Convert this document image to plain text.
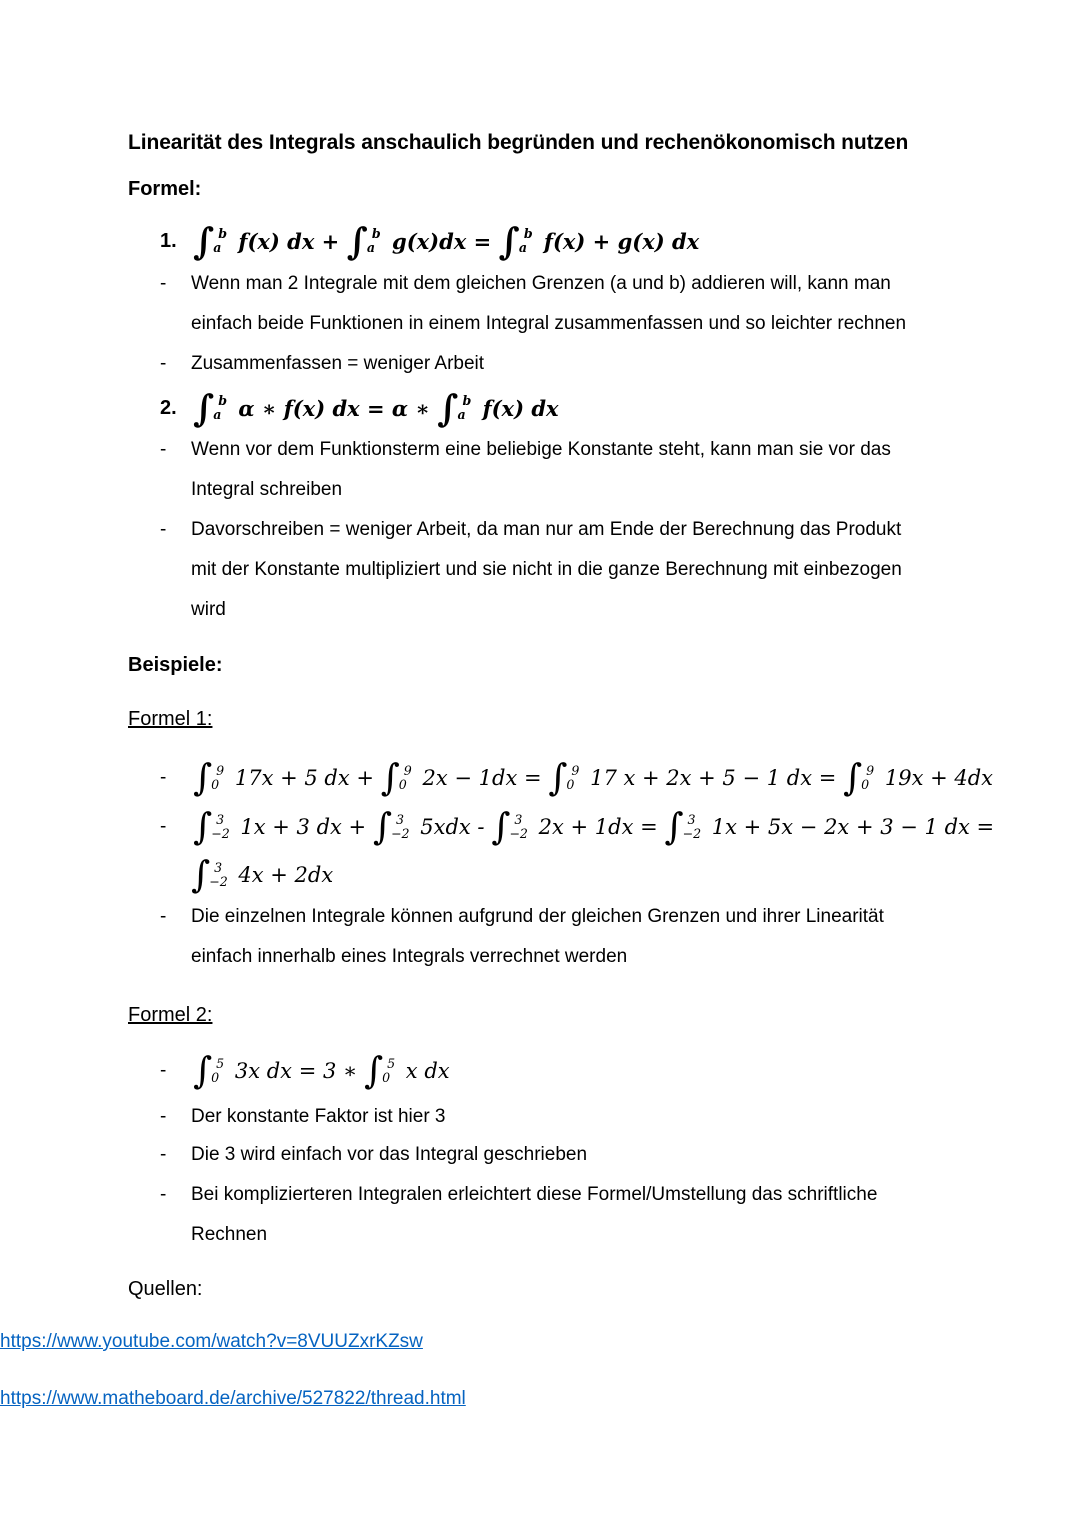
Linearität des Integrals anschaulich begründen und rechenökonomisch nutzen
Formel:
1. ∫ b
a f(x) dx + ∫ b
a g(x)dx = ∫ b
a f(x) + g(x) dx
-	Wenn man 2 Integrale mit dem gleichen Grenzen (a und b) addieren will, kann man
einfach beide Funktionen in einem Integral zusammenfassen und so leichter rechnen
-	Zusammenfassen = weniger Arbeit
2. ∫ b
a α ∗ f(x) dx = α ∗ ∫ b
a f(x) dx
-	Wenn vor dem Funktionsterm eine beliebige Konstante steht, kann man sie vor das
Integral schreiben
-	Davorschreiben = weniger Arbeit, da man nur am Ende der Berechnung das Produkt
mit der Konstante multipliziert und sie nicht in die ganze Berechnung mit einbezogen
wird
Beispiele:
Formel 1:
- ∫ 9
0 17x + 5 dx + ∫ 9
0 2x − 1dx = ∫ 9
0 17 x + 2x + 5 − 1 dx = ∫ 9
0 19x + 4dx
- ∫ 3
−2 1x + 3 dx + ∫ 3
−2 5xdx - ∫ 3
−2 2x + 1dx = ∫ 3
−2 1x + 5x − 2x + 3 − 1 dx =
∫ 3
−2 4x + 2dx
-	Die einzelnen Integrale können aufgrund der gleichen Grenzen und ihrer Linearität
einfach innerhalb eines Integrals verrechnet werden
Formel 2:
- ∫ 5
0 3x dx = 3 ∗ ∫ 5
0 x dx
-	Der konstante Faktor ist hier 3
-	Die 3 wird einfach vor das Integral geschrieben
-	Bei komplizierteren Integralen erleichtert diese Formel/Umstellung das schriftliche
Rechnen
Quellen:
https://www.youtube.com/watch?v=8VUUZxrKZsw
https://www.matheboard.de/archive/527822/thread.html
